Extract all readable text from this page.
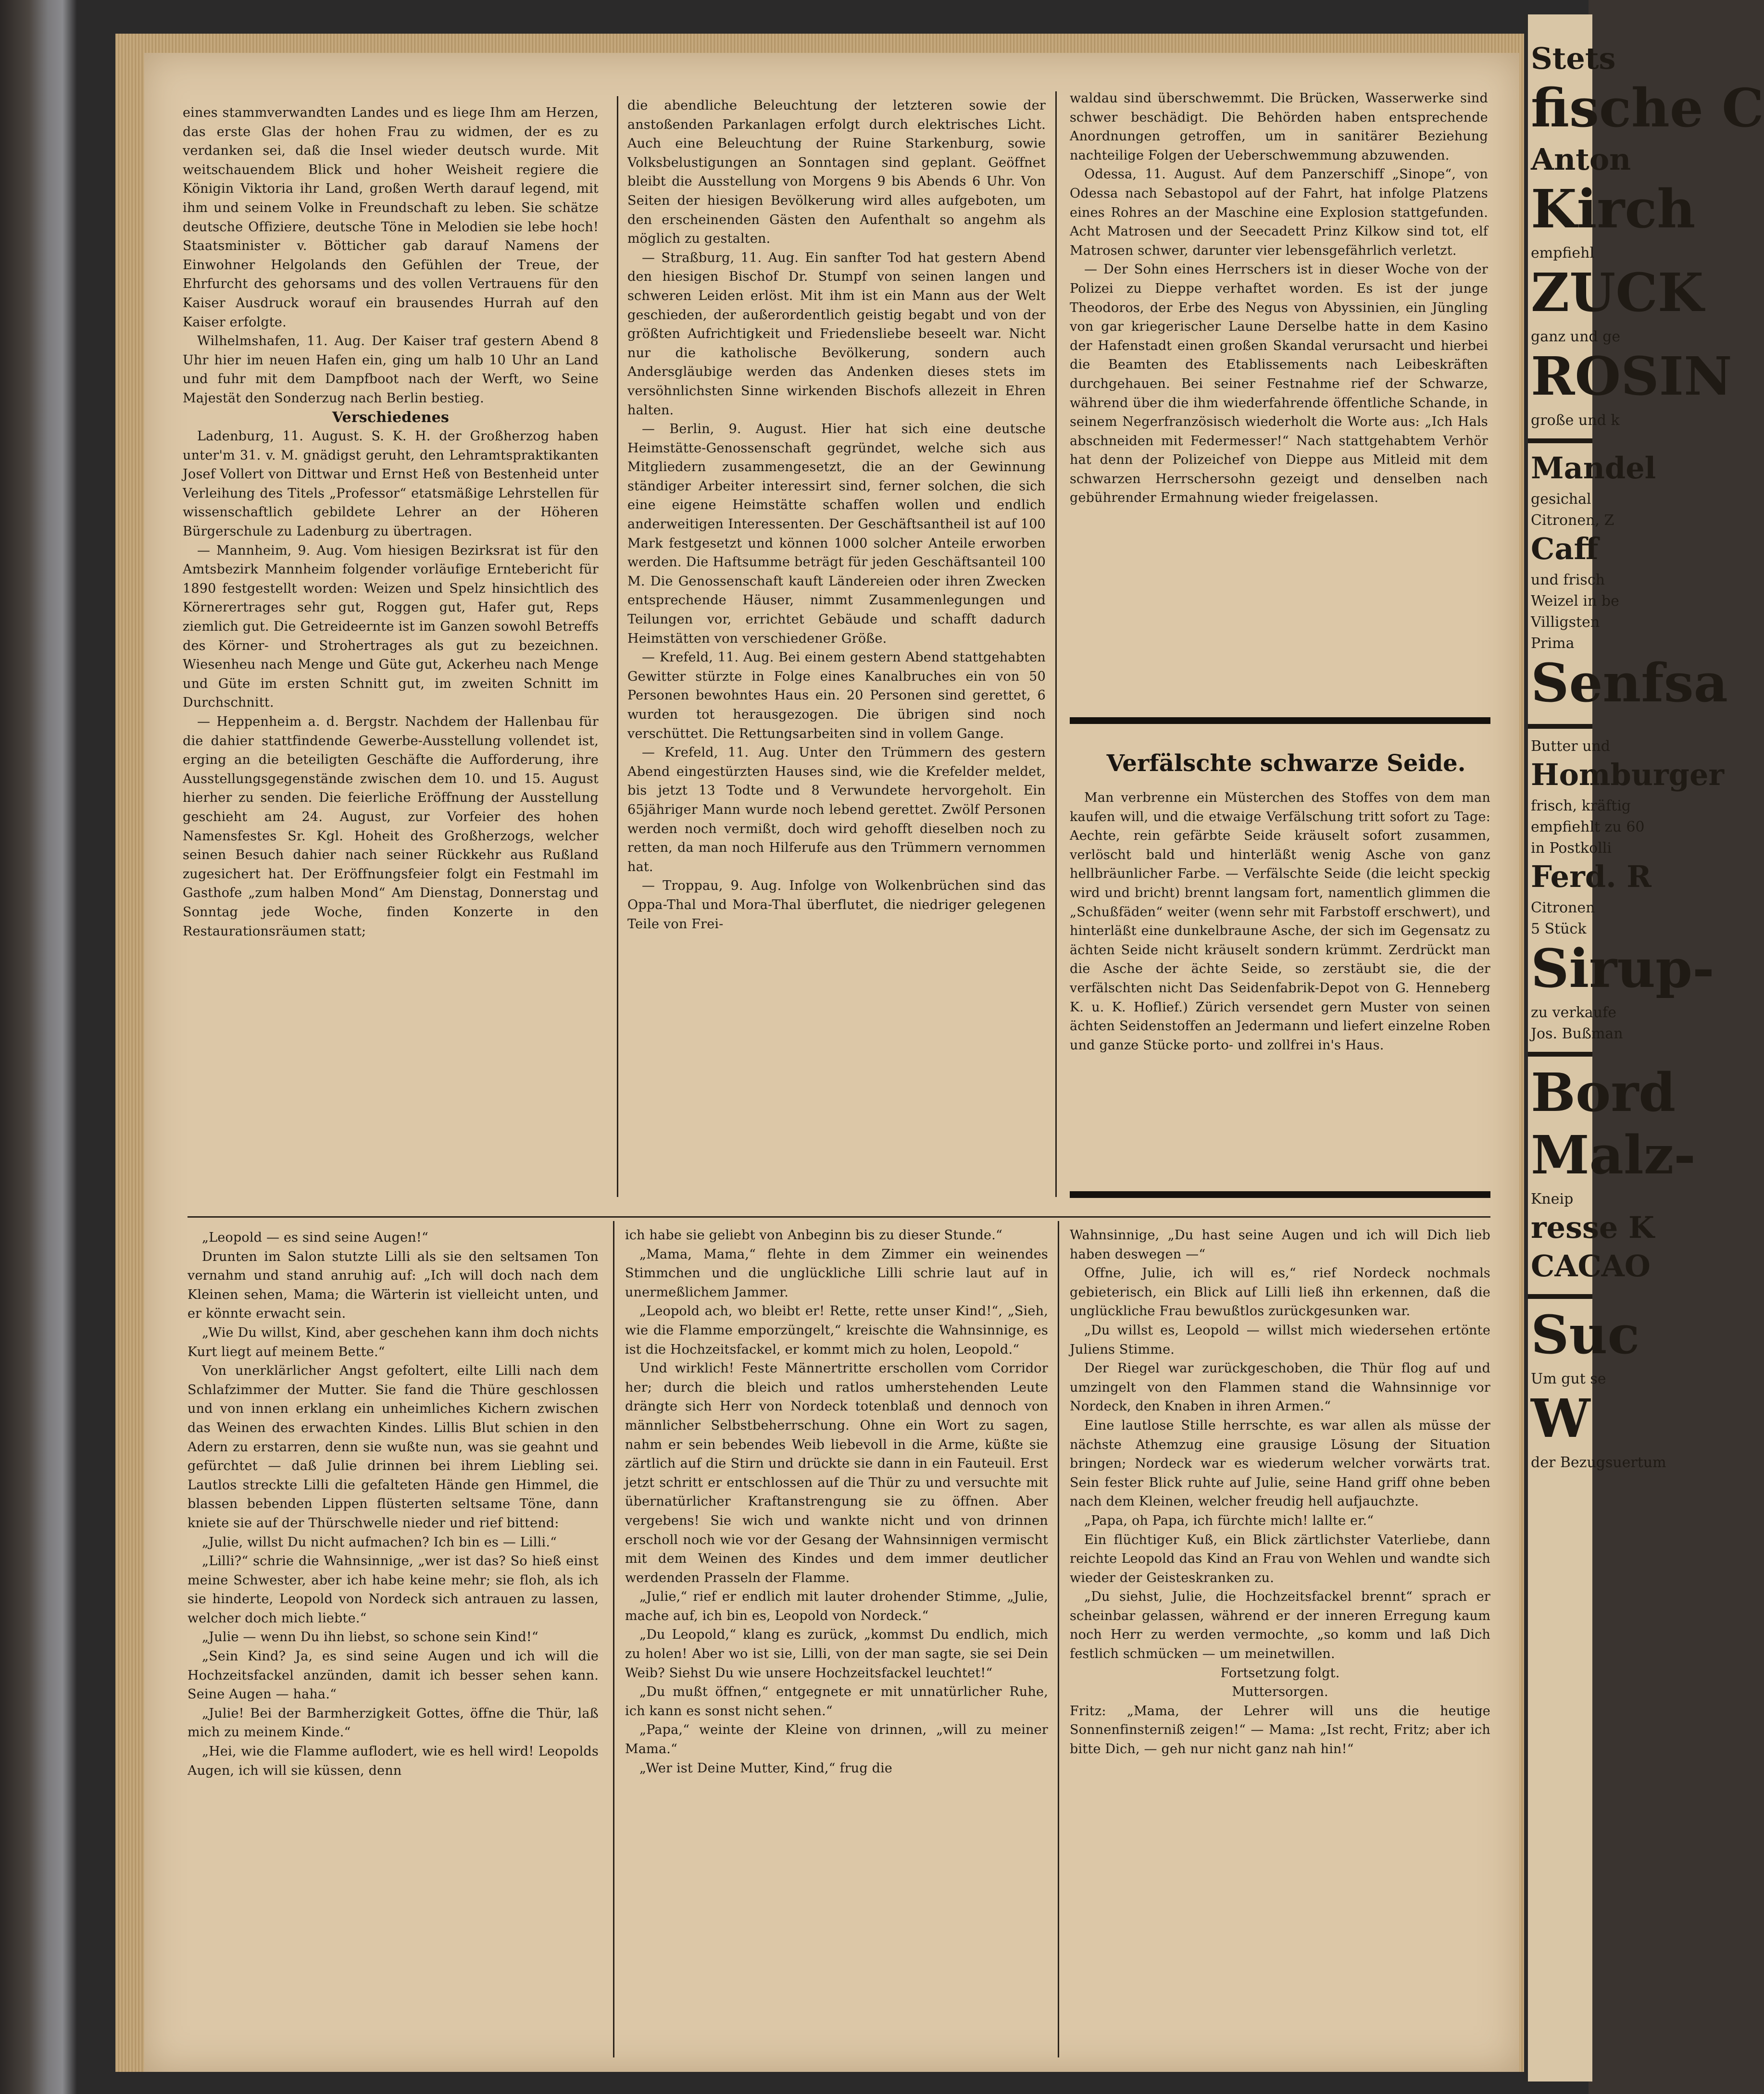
Stets
fische C
Anton
Kirch
empfiehl
ZUCK
ganz und ge
ROSIN
große und k
Mandel
gesichal
Citronen, Z
Caff
und frisch
Weizel in be
Villigsten
Prima
Senfsa
Butter und
Homburger
frisch, kräftig
empfiehlt zu 60
in Postkolli
Ferd. R
Citronen
5 Stück
Sirup-
zu verkaufe
Jos. Bußman
Bord
Malz-
Kneip
resse K
CACAO
Suc
Um gut se
W
der Bezugsuertum

eines stammverwandten Landes und es liege Ihm am Herzen, das erste Glas der hohen Frau zu widmen, der es zu verdanken sei, daß die Insel wieder deutsch wurde. Mit weitschauendem Blick und hoher Weisheit regiere die Königin Viktoria ihr Land, großen Werth darauf legend, mit ihm und seinem Volke in Freundschaft zu leben. Sie schätze deutsche Offiziere, deutsche Töne in Melodien sie lebe hoch! Staatsminister v. Bötticher gab darauf Namens der Einwohner Helgolands den Gefühlen der Treue, der Ehrfurcht des gehorsams und des vollen Vertrauens für den Kaiser Ausdruck worauf ein brausendes Hurrah auf den Kaiser erfolgte.

Wilhelmshafen, 11. Aug. Der Kaiser traf gestern Abend 8 Uhr hier im neuen Hafen ein, ging um halb 10 Uhr an Land und fuhr mit dem Dampfboot nach der Werft, wo Seine Majestät den Sonderzug nach Berlin bestieg.

Verschiedenes

Ladenburg, 11. August. S. K. H. der Großherzog haben unter'm 31. v. M. gnädigst geruht, den Lehramtspraktikanten Josef Vollert von Dittwar und Ernst Heß von Bestenheid unter Verleihung des Titels „Professor“ etatsmäßige Lehrstellen für wissenschaftlich gebildete Lehrer an der Höheren Bürgerschule zu Ladenburg zu übertragen.

— Mannheim, 9. Aug. Vom hiesigen Bezirksrat ist für den Amtsbezirk Mannheim folgender vorläufige Erntebericht für 1890 festgestellt worden: Weizen und Spelz hinsichtlich des Körnerertrages sehr gut, Roggen gut, Hafer gut, Reps ziemlich gut. Die Getreideernte ist im Ganzen sowohl Betreffs des Körner- und Strohertrages als gut zu bezeichnen. Wiesenheu nach Menge und Güte gut, Ackerheu nach Menge und Güte im ersten Schnitt gut, im zweiten Schnitt im Durchschnitt.

— Heppenheim a. d. Bergstr. Nachdem der Hallenbau für die dahier stattfindende Gewerbe-Ausstellung vollendet ist, erging an die beteiligten Geschäfte die Aufforderung, ihre Ausstellungsgegenstände zwischen dem 10. und 15. August hierher zu senden. Die feierliche Eröffnung der Ausstellung geschieht am 24. August, zur Vorfeier des hohen Namensfestes Sr. Kgl. Hoheit des Großherzogs, welcher seinen Besuch dahier nach seiner Rückkehr aus Rußland zugesichert hat. Der Eröffnungsfeier folgt ein Festmahl im Gasthofe „zum halben Mond“ Am Dienstag, Donnerstag und Sonntag jede Woche, finden Konzerte in den Restaurationsräumen statt;

die abendliche Beleuchtung der letzteren sowie der anstoßenden Parkanlagen erfolgt durch elektrisches Licht. Auch eine Beleuchtung der Ruine Starkenburg, sowie Volksbelustigungen an Sonntagen sind geplant. Geöffnet bleibt die Ausstellung von Morgens 9 bis Abends 6 Uhr. Von Seiten der hiesigen Bevölkerung wird alles aufgeboten, um den erscheinenden Gästen den Aufenthalt so angehm als möglich zu gestalten.

— Straßburg, 11. Aug. Ein sanfter Tod hat gestern Abend den hiesigen Bischof Dr. Stumpf von seinen langen und schweren Leiden erlöst. Mit ihm ist ein Mann aus der Welt geschieden, der außerordentlich geistig begabt und von der größten Aufrichtigkeit und Friedensliebe beseelt war. Nicht nur die katholische Bevölkerung, sondern auch Andersgläubige werden das Andenken dieses stets im versöhnlichsten Sinne wirkenden Bischofs allezeit in Ehren halten.

— Berlin, 9. August. Hier hat sich eine deutsche Heimstätte-Genossenschaft gegründet, welche sich aus Mitgliedern zusammengesetzt, die an der Gewinnung ständiger Arbeiter interessirt sind, ferner solchen, die sich eine eigene Heimstätte schaffen wollen und endlich anderweitigen Interessenten. Der Geschäftsantheil ist auf 100 Mark festgesetzt und können 1000 solcher Anteile erworben werden. Die Haftsumme beträgt für jeden Geschäftsanteil 100 M. Die Genossenschaft kauft Ländereien oder ihren Zwecken entsprechende Häuser, nimmt Zusammenlegungen und Teilungen vor, errichtet Gebäude und schafft dadurch Heimstätten von verschiedener Größe.

— Krefeld, 11. Aug. Bei einem gestern Abend stattgehabten Gewitter stürzte in Folge eines Kanalbruches ein von 50 Personen bewohntes Haus ein. 20 Personen sind gerettet, 6 wurden tot herausgezogen. Die übrigen sind noch verschüttet. Die Rettungsarbeiten sind in vollem Gange.

— Krefeld, 11. Aug. Unter den Trümmern des gestern Abend eingestürzten Hauses sind, wie die Krefelder meldet, bis jetzt 13 Todte und 8 Verwundete hervorgeholt. Ein 65jähriger Mann wurde noch lebend gerettet. Zwölf Personen werden noch vermißt, doch wird gehofft dieselben noch zu retten, da man noch Hilferufe aus den Trümmern vernommen hat.

— Troppau, 9. Aug. Infolge von Wolkenbrüchen sind das Oppa-Thal und Mora-Thal überflutet, die niedriger gelegenen Teile von Frei-

waldau sind überschwemmt. Die Brücken, Wasserwerke sind schwer beschädigt. Die Behörden haben entsprechende Anordnungen getroffen, um in sanitärer Beziehung nachteilige Folgen der Ueberschwemmung abzuwenden.

Odessa, 11. August. Auf dem Panzerschiff „Sinope“, von Odessa nach Sebastopol auf der Fahrt, hat infolge Platzens eines Rohres an der Maschine eine Explosion stattgefunden. Acht Matrosen und der Seecadett Prinz Kilkow sind tot, elf Matrosen schwer, darunter vier lebensgefährlich verletzt.

— Der Sohn eines Herrschers ist in dieser Woche von der Polizei zu Dieppe verhaftet worden. Es ist der junge Theodoros, der Erbe des Negus von Abyssinien, ein Jüngling von gar kriegerischer Laune Derselbe hatte in dem Kasino der Hafenstadt einen großen Skandal verursacht und hierbei die Beamten des Etablissements nach Leibeskräften durchgehauen. Bei seiner Festnahme rief der Schwarze, während über die ihm wiederfahrende öffentliche Schande, in seinem Negerfranzösisch wiederholt die Worte aus: „Ich Hals abschneiden mit Federmesser!“ Nach stattgehabtem Verhör hat denn der Polizeichef von Dieppe aus Mitleid mit dem schwarzen Herrschersohn gezeigt und denselben nach gebührender Ermahnung wieder freigelassen.

Verfälschte schwarze Seide.

Man verbrenne ein Müsterchen des Stoffes von dem man kaufen will, und die etwaige Verfälschung tritt sofort zu Tage: Aechte, rein gefärbte Seide kräuselt sofort zusammen, verlöscht bald und hinterläßt wenig Asche von ganz hellbräunlicher Farbe. — Verfälschte Seide (die leicht speckig wird und bricht) brennt langsam fort, namentlich glimmen die „Schußfäden“ weiter (wenn sehr mit Farbstoff erschwert), und hinterläßt eine dunkelbraune Asche, der sich im Gegensatz zu ächten Seide nicht kräuselt sondern krümmt. Zerdrückt man die Asche der ächte Seide, so zerstäubt sie, die der verfälschten nicht Das Seidenfabrik-Depot von G. Henneberg K. u. K. Hoflief.) Zürich versendet gern Muster von seinen ächten Seidenstoffen an Jedermann und liefert einzelne Roben und ganze Stücke porto- und zollfrei in's Haus.

„Leopold — es sind seine Augen!“

Drunten im Salon stutzte Lilli als sie den seltsamen Ton vernahm und stand anruhig auf: „Ich will doch nach dem Kleinen sehen, Mama; die Wärterin ist vielleicht unten, und er könnte erwacht sein.

„Wie Du willst, Kind, aber geschehen kann ihm doch nichts Kurt liegt auf meinem Bette.“

Von unerklärlicher Angst gefoltert, eilte Lilli nach dem Schlafzimmer der Mutter. Sie fand die Thüre geschlossen und von innen erklang ein unheimliches Kichern zwischen das Weinen des erwachten Kindes. Lillis Blut schien in den Adern zu erstarren, denn sie wußte nun, was sie geahnt und gefürchtet — daß Julie drinnen bei ihrem Liebling sei. Lautlos streckte Lilli die gefalteten Hände gen Himmel, die blassen bebenden Lippen flüsterten seltsame Töne, dann kniete sie auf der Thürschwelle nieder und rief bittend:

„Julie, willst Du nicht aufmachen? Ich bin es — Lilli.“

„Lilli?“ schrie die Wahnsinnige, „wer ist das? So hieß einst meine Schwester, aber ich habe keine mehr; sie floh, als ich sie hinderte, Leopold von Nordeck sich antrauen zu lassen, welcher doch mich liebte.“

„Julie — wenn Du ihn liebst, so schone sein Kind!“

„Sein Kind? Ja, es sind seine Augen und ich will die Hochzeitsfackel anzünden, damit ich besser sehen kann. Seine Augen — haha.“

„Julie! Bei der Barmherzigkeit Gottes, öffne die Thür, laß mich zu meinem Kinde.“

„Hei, wie die Flamme auflodert, wie es hell wird! Leopolds Augen, ich will sie küssen, denn

ich habe sie geliebt von Anbeginn bis zu dieser Stunde.“

„Mama, Mama,“ flehte in dem Zimmer ein weinendes Stimmchen und die unglückliche Lilli schrie laut auf in unermeßlichem Jammer.

„Leopold ach, wo bleibt er! Rette, rette unser Kind!“, „Sieh, wie die Flamme emporzüngelt,“ kreischte die Wahnsinnige, es ist die Hochzeitsfackel, er kommt mich zu holen, Leopold.“

Und wirklich! Feste Männertritte erschollen vom Corridor her; durch die bleich und ratlos umherstehenden Leute drängte sich Herr von Nordeck totenblaß und dennoch von männlicher Selbstbeherrschung. Ohne ein Wort zu sagen, nahm er sein bebendes Weib liebevoll in die Arme, küßte sie zärtlich auf die Stirn und drückte sie dann in ein Fauteuil. Erst jetzt schritt er entschlossen auf die Thür zu und versuchte mit übernatürlicher Kraftanstrengung sie zu öffnen. Aber vergebens! Sie wich und wankte nicht und von drinnen erscholl noch wie vor der Gesang der Wahnsinnigen vermischt mit dem Weinen des Kindes und dem immer deutlicher werdenden Prasseln der Flamme.

„Julie,“ rief er endlich mit lauter drohender Stimme, „Julie, mache auf, ich bin es, Leopold von Nordeck.“

„Du Leopold,“ klang es zurück, „kommst Du endlich, mich zu holen! Aber wo ist sie, Lilli, von der man sagte, sie sei Dein Weib? Siehst Du wie unsere Hochzeitsfackel leuchtet!“

„Du mußt öffnen,“ entgegnete er mit unnatürlicher Ruhe, ich kann es sonst nicht sehen.“

„Papa,“ weinte der Kleine von drinnen, „will zu meiner Mama.“

„Wer ist Deine Mutter, Kind,“ frug die

Wahnsinnige, „Du hast seine Augen und ich will Dich lieb haben deswegen —“

Offne, Julie, ich will es,“ rief Nordeck nochmals gebieterisch, ein Blick auf Lilli ließ ihn erkennen, daß die unglückliche Frau bewußtlos zurückgesunken war.

„Du willst es, Leopold — willst mich wiedersehen ertönte Juliens Stimme.

Der Riegel war zurückgeschoben, die Thür flog auf und umzingelt von den Flammen stand die Wahnsinnige vor Nordeck, den Knaben in ihren Armen.“

Eine lautlose Stille herrschte, es war allen als müsse der nächste Athemzug eine grausige Lösung der Situation bringen; Nordeck war es wiederum welcher vorwärts trat. Sein fester Blick ruhte auf Julie, seine Hand griff ohne beben nach dem Kleinen, welcher freudig hell aufjauchzte.

„Papa, oh Papa, ich fürchte mich! lallte er.“

Ein flüchtiger Kuß, ein Blick zärtlichster Vaterliebe, dann reichte Leopold das Kind an Frau von Wehlen und wandte sich wieder der Geisteskranken zu.

„Du siehst, Julie, die Hochzeitsfackel brennt“ sprach er scheinbar gelassen, während er der inneren Erregung kaum noch Herr zu werden vermochte, „so komm und laß Dich festlich schmücken — um meinetwillen.

Fortsetzung folgt.

Muttersorgen.

Fritz: „Mama, der Lehrer will uns die heutige Sonnenfinsterniß zeigen!“ — Mama: „Ist recht, Fritz; aber ich bitte Dich, — geh nur nicht ganz nah hin!“
